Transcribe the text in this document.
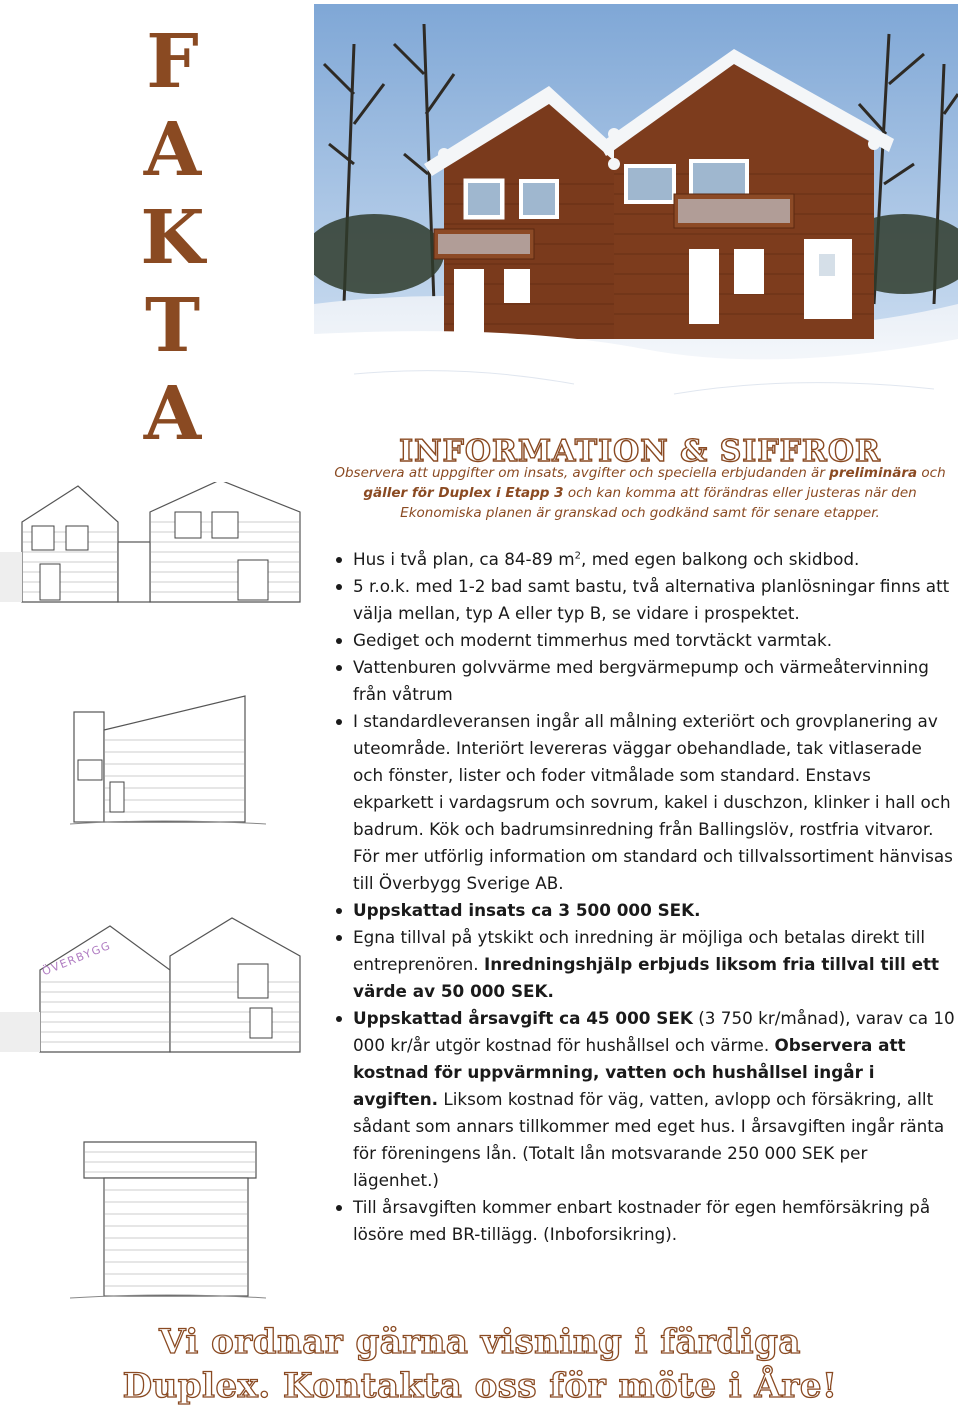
F
A
K
T
A	INFORMATION & SIFFROR
Observera att uppgifter om insats, avgifter och speciella erbjudanden är preliminära och gäller för Duplex i Etapp 3 och kan komma att förändras eller justeras när den Ekonomiska planen är granskad och godkänd samt för senare etapper.
Hus i två plan, ca 84-89 $m^2$, med egen balkong och skidbod.
5 r.o.k. med 1-2 bad samt bastu, två alternativa planlösningar finns att välja mellan, typ A eller typ B, se vidare i prospektet.
Gediget och modernt timmerhus med torvtäckt varmtak.
Vattenburen golvvärme med bergvärmepump och värmeåtervinning från våtrum
I standardleveransen ingår all målning exteriört och grovplanering av uteområde. Interiört levereras väggar obehandlade, tak vitlaserade och fönster, lister och foder vitmålade som standard. Enstavs ekparkett i vardagsrum och sovrum, kakel i duschzon, klinker i hall och badrum. Kök och badrumsinredning från Ballingslöv, rostfria vitvaror. För mer utförlig information om standard och tillvalssortiment hänvisas till Överbygg Sverige AB.
Uppskattad insats ca 3 500 000 SEK.
Egna tillval på ytskikt och inredning är möjliga och betalas direkt till entreprenören. Inredningshjälp erbjuds liksom fria tillval till ett värde av 50 000 SEK.
Uppskattad årsavgift ca 45 000 SEK (3 750 kr/månad), varav ca 10 000 kr/år utgör kostnad för hushållsel och värme. Observera att kostnad för uppvärmning, vatten och hushållsel ingår i avgiften. Liksom kostnad för väg, vatten, avlopp och försäkring, allt sådant som annars tillkommer med eget hus. I årsavgiften ingår ränta för föreningens lån. (Totalt lån motsvarande 250 000 SEK per lägenhet.)
Till årsavgiften kommer enbart kostnader för egen hemförsäkring på lösöre med BR-tillägg. (Inboforsikring).
ÖVERBYGG
Vi ordnar gärna visning i färdiga
Duplex. Kontakta oss för möte i Åre!
